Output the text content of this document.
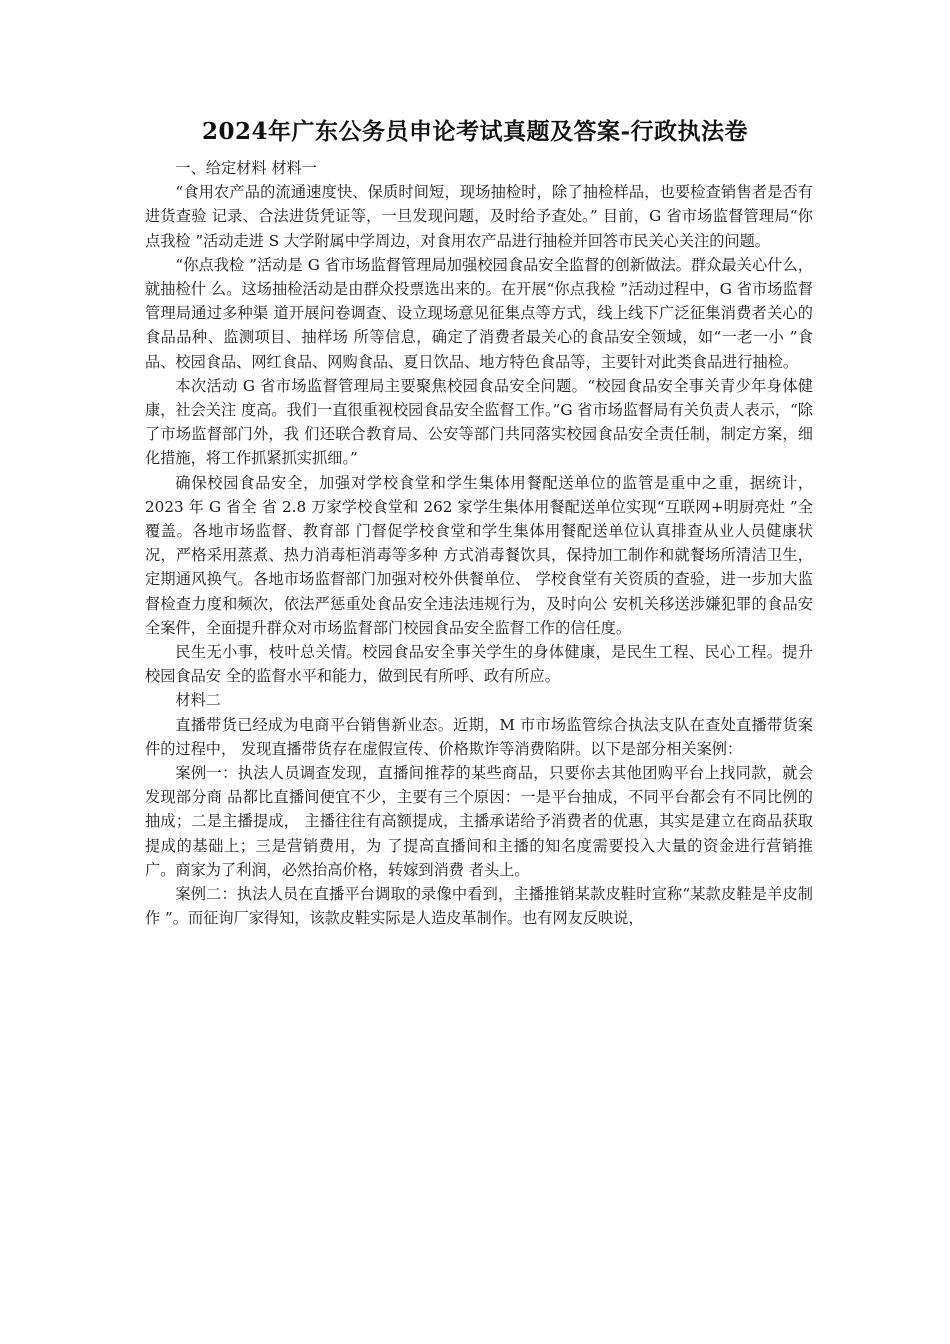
2024年广东公务员申论考试真题及答案-行政执法卷

一、给定材料 材料一

“食用农产品的流通速度快、保质时间短，现场抽检时，除了抽检样品，也要检查销售者是否有进货查验 记录、合法进货凭证等，一旦发现问题，及时给予查处。” 目前，G 省市场监督管理局“你点我检 ”活动走进 S 大学附属中学周边，对食用农产品进行抽检并回答市民关心关注的问题。

“你点我检 ”活动是 G 省市场监督管理局加强校园食品安全监督的创新做法。群众最关心什么，就抽检什 么。这场抽检活动是由群众投票选出来的。在开展“你点我检 ”活动过程中，G 省市场监督管理局通过多种渠 道开展问卷调查、设立现场意见征集点等方式，线上线下广泛征集消费者关心的食品品种、监测项目、抽样场 所等信息，确定了消费者最关心的食品安全领域，如“一老一小 ”食品、校园食品、网红食品、网购食品、夏日饮品、地方特色食品等，主要针对此类食品进行抽检。

本次活动 G 省市场监督管理局主要聚焦校园食品安全问题。“校园食品安全事关青少年身体健康，社会关注 度高。我们一直很重视校园食品安全监督工作。”G 省市场监督局有关负责人表示，“除了市场监督部门外，我 们还联合教育局、公安等部门共同落实校园食品安全责任制，制定方案，细化措施，将工作抓紧抓实抓细。”

确保校园食品安全，加强对学校食堂和学生集体用餐配送单位的监管是重中之重，据统计，2023 年 G 省全 省 2.8 万家学校食堂和 262 家学生集体用餐配送单位实现“互联网+明厨亮灶 ”全覆盖。各地市场监督、教育部 门督促学校食堂和学生集体用餐配送单位认真排查从业人员健康状况，严格采用蒸煮、热力消毒柜消毒等多种 方式消毒餐饮具，保持加工制作和就餐场所清洁卫生，定期通风换气。各地市场监督部门加强对校外供餐单位、 学校食堂有关资质的查验，进一步加大监督检查力度和频次，依法严惩重处食品安全违法违规行为，及时向公 安机关移送涉嫌犯罪的食品安全案件，全面提升群众对市场监督部门校园食品安全监督工作的信任度。

民生无小事，枝叶总关情。校园食品安全事关学生的身体健康，是民生工程、民心工程。提升校园食品安 全的监督水平和能力，做到民有所呼、政有所应。

材料二

直播带货已经成为电商平台销售新业态。近期，M 市市场监管综合执法支队在查处直播带货案件的过程中， 发现直播带货存在虚假宣传、价格欺诈等消费陷阱。以下是部分相关案例：

案例一：执法人员调查发现，直播间推荐的某些商品，只要你去其他团购平台上找同款，就会发现部分商 品都比直播间便宜不少，主要有三个原因：一是平台抽成，不同平台都会有不同比例的抽成；二是主播提成， 主播往往有高额提成，主播承诺给予消费者的优惠，其实是建立在商品获取提成的基础上；三是营销费用，为 了提高直播间和主播的知名度需要投入大量的资金进行营销推广。商家为了利润，必然抬高价格，转嫁到消费 者头上。

案例二：执法人员在直播平台调取的录像中看到，主播推销某款皮鞋时宣称“某款皮鞋是羊皮制作 ”。而征询厂家得知，该款皮鞋实际是人造皮革制作。也有网友反映说，
